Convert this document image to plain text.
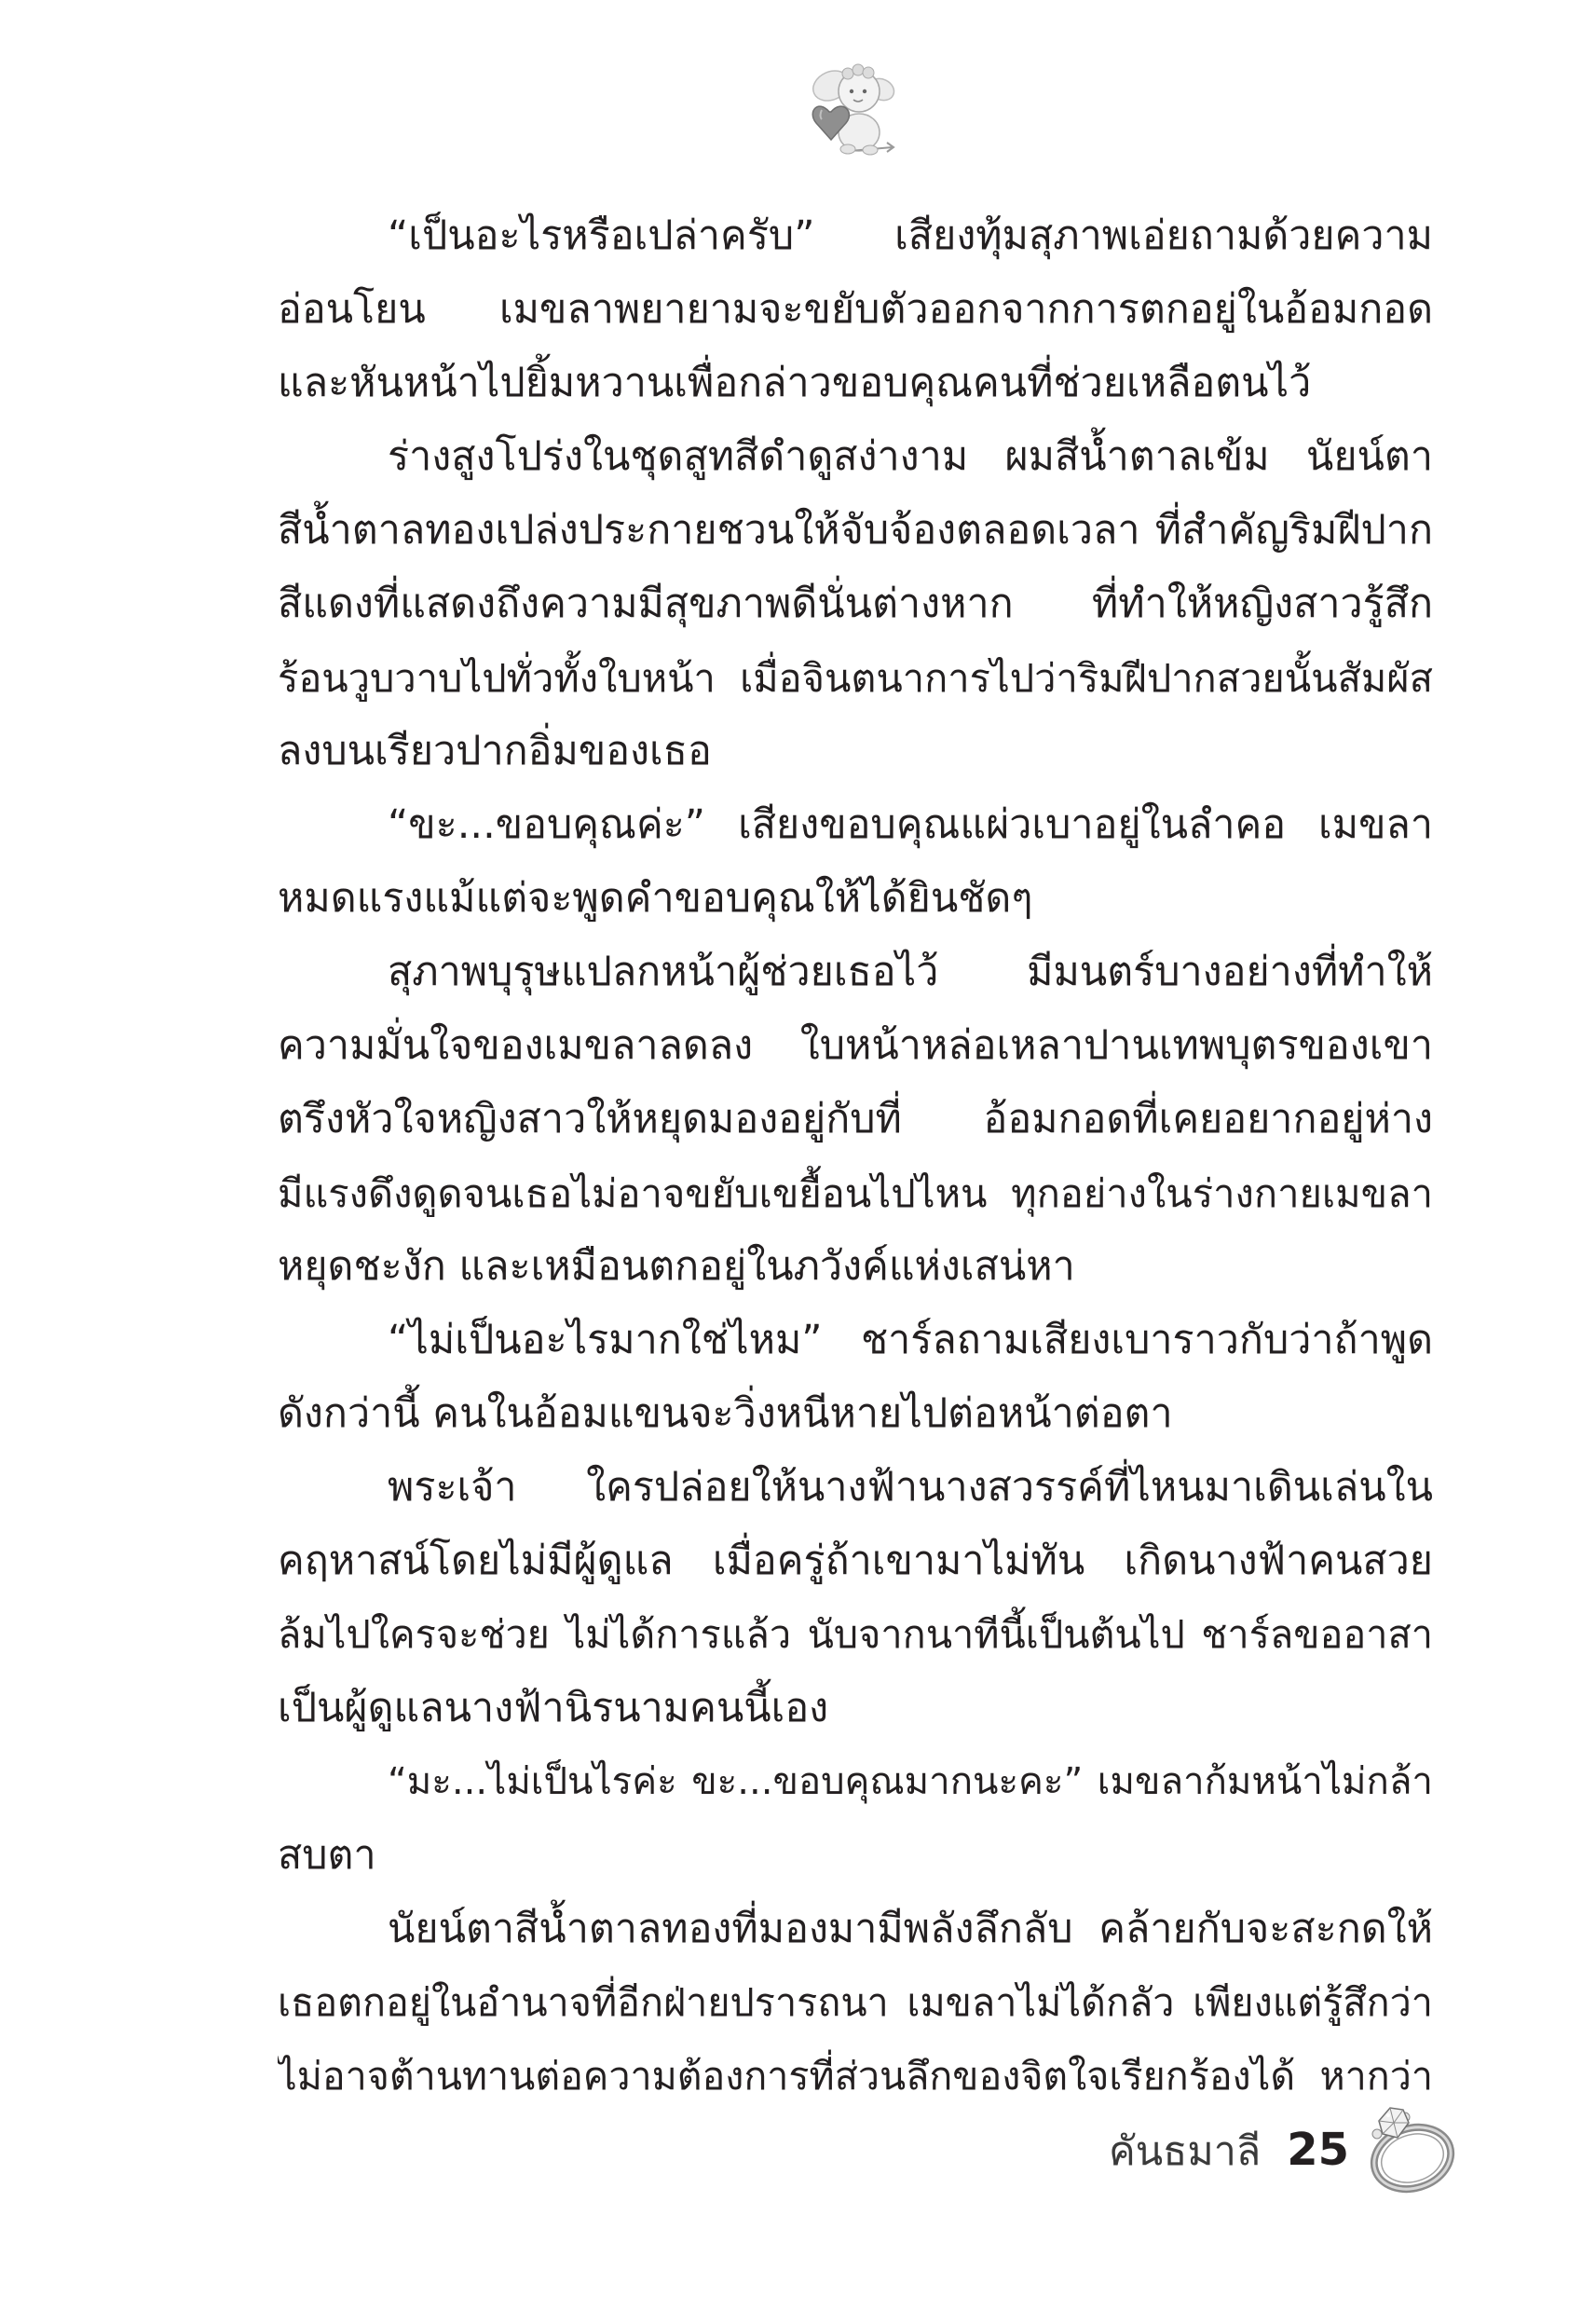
“เป็นอะไรหรือเปล่าครับ” เสียงทุ้มสุภาพเอ่ยถามด้วยความ
อ่อนโยน เมขลาพยายามจะขยับตัวออกจากการตกอยู่ในอ้อมกอด
และหันหน้าไปยิ้มหวานเพื่อกล่าวขอบคุณคนที่ช่วยเหลือตนไว้
ร่างสูงโปร่งในชุดสูทสีดำดูสง่างาม ผมสีน้ำตาลเข้ม นัยน์ตา
สีน้ำตาลทองเปล่งประกายชวนให้จับจ้องตลอดเวลา ที่สำคัญริมฝีปาก
สีแดงที่แสดงถึงความมีสุขภาพดีนั่นต่างหาก ที่ทำให้หญิงสาวรู้สึก
ร้อนวูบวาบไปทั่วทั้งใบหน้า เมื่อจินตนาการไปว่าริมฝีปากสวยนั้นสัมผัส
ลงบนเรียวปากอิ่มของเธอ
“ขะ...ขอบคุณค่ะ” เสียงขอบคุณแผ่วเบาอยู่ในลำคอ เมขลา
หมดแรงแม้แต่จะพูดคำขอบคุณให้ได้ยินชัดๆ
สุภาพบุรุษแปลกหน้าผู้ช่วยเธอไว้ มีมนตร์บางอย่างที่ทำให้
ความมั่นใจของเมขลาลดลง ใบหน้าหล่อเหลาปานเทพบุตรของเขา
ตรึงหัวใจหญิงสาวให้หยุดมองอยู่กับที่ อ้อมกอดที่เคยอยากอยู่ห่าง
มีแรงดึงดูดจนเธอไม่อาจขยับเขยื้อนไปไหน ทุกอย่างในร่างกายเมขลา
หยุดชะงัก และเหมือนตกอยู่ในภวังค์แห่งเสน่หา
“ไม่เป็นอะไรมากใช่ไหม” ชาร์ลถามเสียงเบาราวกับว่าถ้าพูด
ดังกว่านี้ คนในอ้อมแขนจะวิ่งหนีหายไปต่อหน้าต่อตา
พระเจ้า ใครปล่อยให้นางฟ้านางสวรรค์ที่ไหนมาเดินเล่นใน
คฤหาสน์โดยไม่มีผู้ดูแล เมื่อครู่ถ้าเขามาไม่ทัน เกิดนางฟ้าคนสวย
ล้มไปใครจะช่วย ไม่ได้การแล้ว นับจากนาทีนี้เป็นต้นไป ชาร์ลขออาสา
เป็นผู้ดูแลนางฟ้านิรนามคนนี้เอง
“มะ...ไม่เป็นไรค่ะ ขะ...ขอบคุณมากนะคะ” เมขลาก้มหน้าไม่กล้า
สบตา
นัยน์ตาสีน้ำตาลทองที่มองมามีพลังลึกลับ คล้ายกับจะสะกดให้
เธอตกอยู่ในอำนาจที่อีกฝ่ายปรารถนา เมขลาไม่ได้กลัว เพียงแต่รู้สึกว่า
ไม่อาจต้านทานต่อความต้องการที่ส่วนลึกของจิตใจเรียกร้องได้ หากว่า
คันธมาลี 25
